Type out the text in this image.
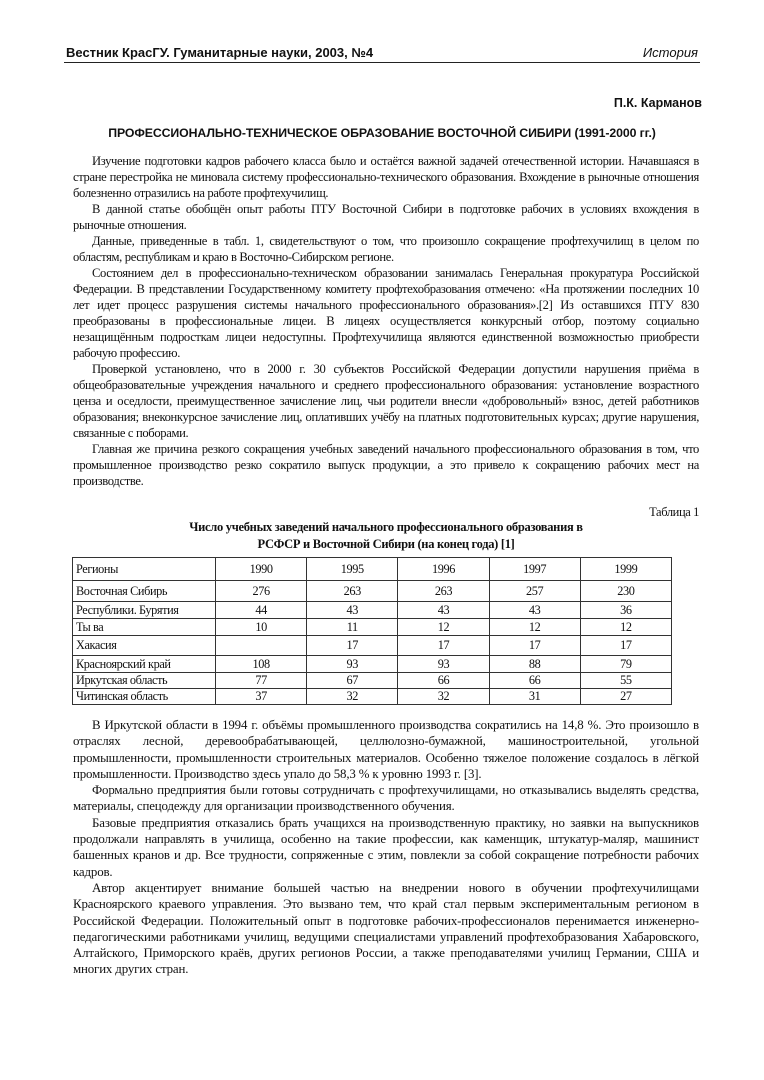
Вестник КрасГУ. Гуманитарные науки, 2003, №4	История
П.К. Карманов
ПРОФЕССИОНАЛЬНО-ТЕХНИЧЕСКОЕ ОБРАЗОВАНИЕ ВОСТОЧНОЙ СИБИРИ (1991-2000 гг.)

Изучение подготовки кадров рабочего класса было и остаётся важной задачей отечественной истории. Начавшаяся в стране перестройка не миновала систему профессионально-технического образования. Вхождение в рыночные отношения болезненно отразились на работе профтехучилищ.

В данной статье обобщён опыт работы ПТУ Восточной Сибири в подготовке рабочих в условиях вхождения в рыночные отношения.

Данные, приведенные в табл. 1, свидетельствуют о том, что произошло сокращение профтехучилищ в целом по областям, республикам и краю в Восточно-Сибирском регионе.

Состоянием дел в профессионально-техническом образовании занималась Генеральная прокуратура Российской Федерации. В представлении Государственному комитету профтехобразования отмечено: «На протяжении последних 10 лет идет процесс разрушения системы начального профессионального образования».[2] Из оставшихся ПТУ 830 преобразованы в профессиональные лицеи. В лицеях осуществляется конкурсный отбор, поэтому социально незащищённым подросткам лицеи недоступны. Профтехучилища являются единственной возможностью приобрести рабочую профессию.

Проверкой установлено, что в 2000 г. 30 субъектов Российской Федерации допустили нарушения приёма в общеобразовательные учреждения начального и среднего профессионального образования: установление возрастного ценза и оседлости, преимущественное зачисление лиц, чьи родители внесли «добровольный» взнос, детей работников образования; внеконкурсное зачисление лиц, оплативших учёбу на платных подготовительных курсах; другие нарушения, связанные с поборами.

Главная же причина резкого сокращения учебных заведений начального профессионального образования в том, что промышленное производство резко сократило выпуск продукции, а это привело к сокращению рабочих мест на производстве.

Таблица 1
Число учебных заведений начального профессионального образования в
РСФСР и Восточной Сибири (на конец года) [1]
Регионы	1990	1995	1996	1997	1999
Восточная Сибирь	276	263	263	257	230
Республики. Бурятия	44	43	43	43	36
Ты ва	10	11	12	12	12
Хакасия		17	17	17	17
Красноярский край	108	93	93	88	79
Иркутская область	77	67	66	66	55
Читинская область	37	32	32	31	27

В Иркутской области в 1994 г. объёмы промышленного производства сократились на 14,8 %. Это произошло в отраслях лесной, деревообрабатывающей, целлюлозно-бумажной, машиностроительной, угольной промышленности, промышленности строительных материалов. Особенно тяжелое положение создалось в лёгкой промышленности. Производство здесь упало до 58,3 % к уровню 1993 г. [3].

Формально предприятия были готовы сотрудничать с профтехучилищами, но отказывались выделять средства, материалы, спецодежду для организации производственного обучения.

Базовые предприятия отказались брать учащихся на производственную практику, но заявки на выпускников продолжали направлять в училища, особенно на такие профессии, как каменщик, штукатур-маляр, машинист башенных кранов и др. Все трудности, сопряженные с этим, повлекли за собой сокращение потребности рабочих кадров.

Автор акцентирует внимание большей частью на внедрении нового в обучении профтехучилищами Красноярского краевого управления. Это вызвано тем, что край стал первым экспериментальным регионом в Российской Федерации. Положительный опыт в подготовке рабочих-профессионалов перенимается инженерно-педагогическими работниками училищ, ведущими специалистами управлений профтехобразования Хабаровского, Алтайского, Приморского краёв, других регионов России, а также преподавателями училищ Германии, США и многих других стран.
